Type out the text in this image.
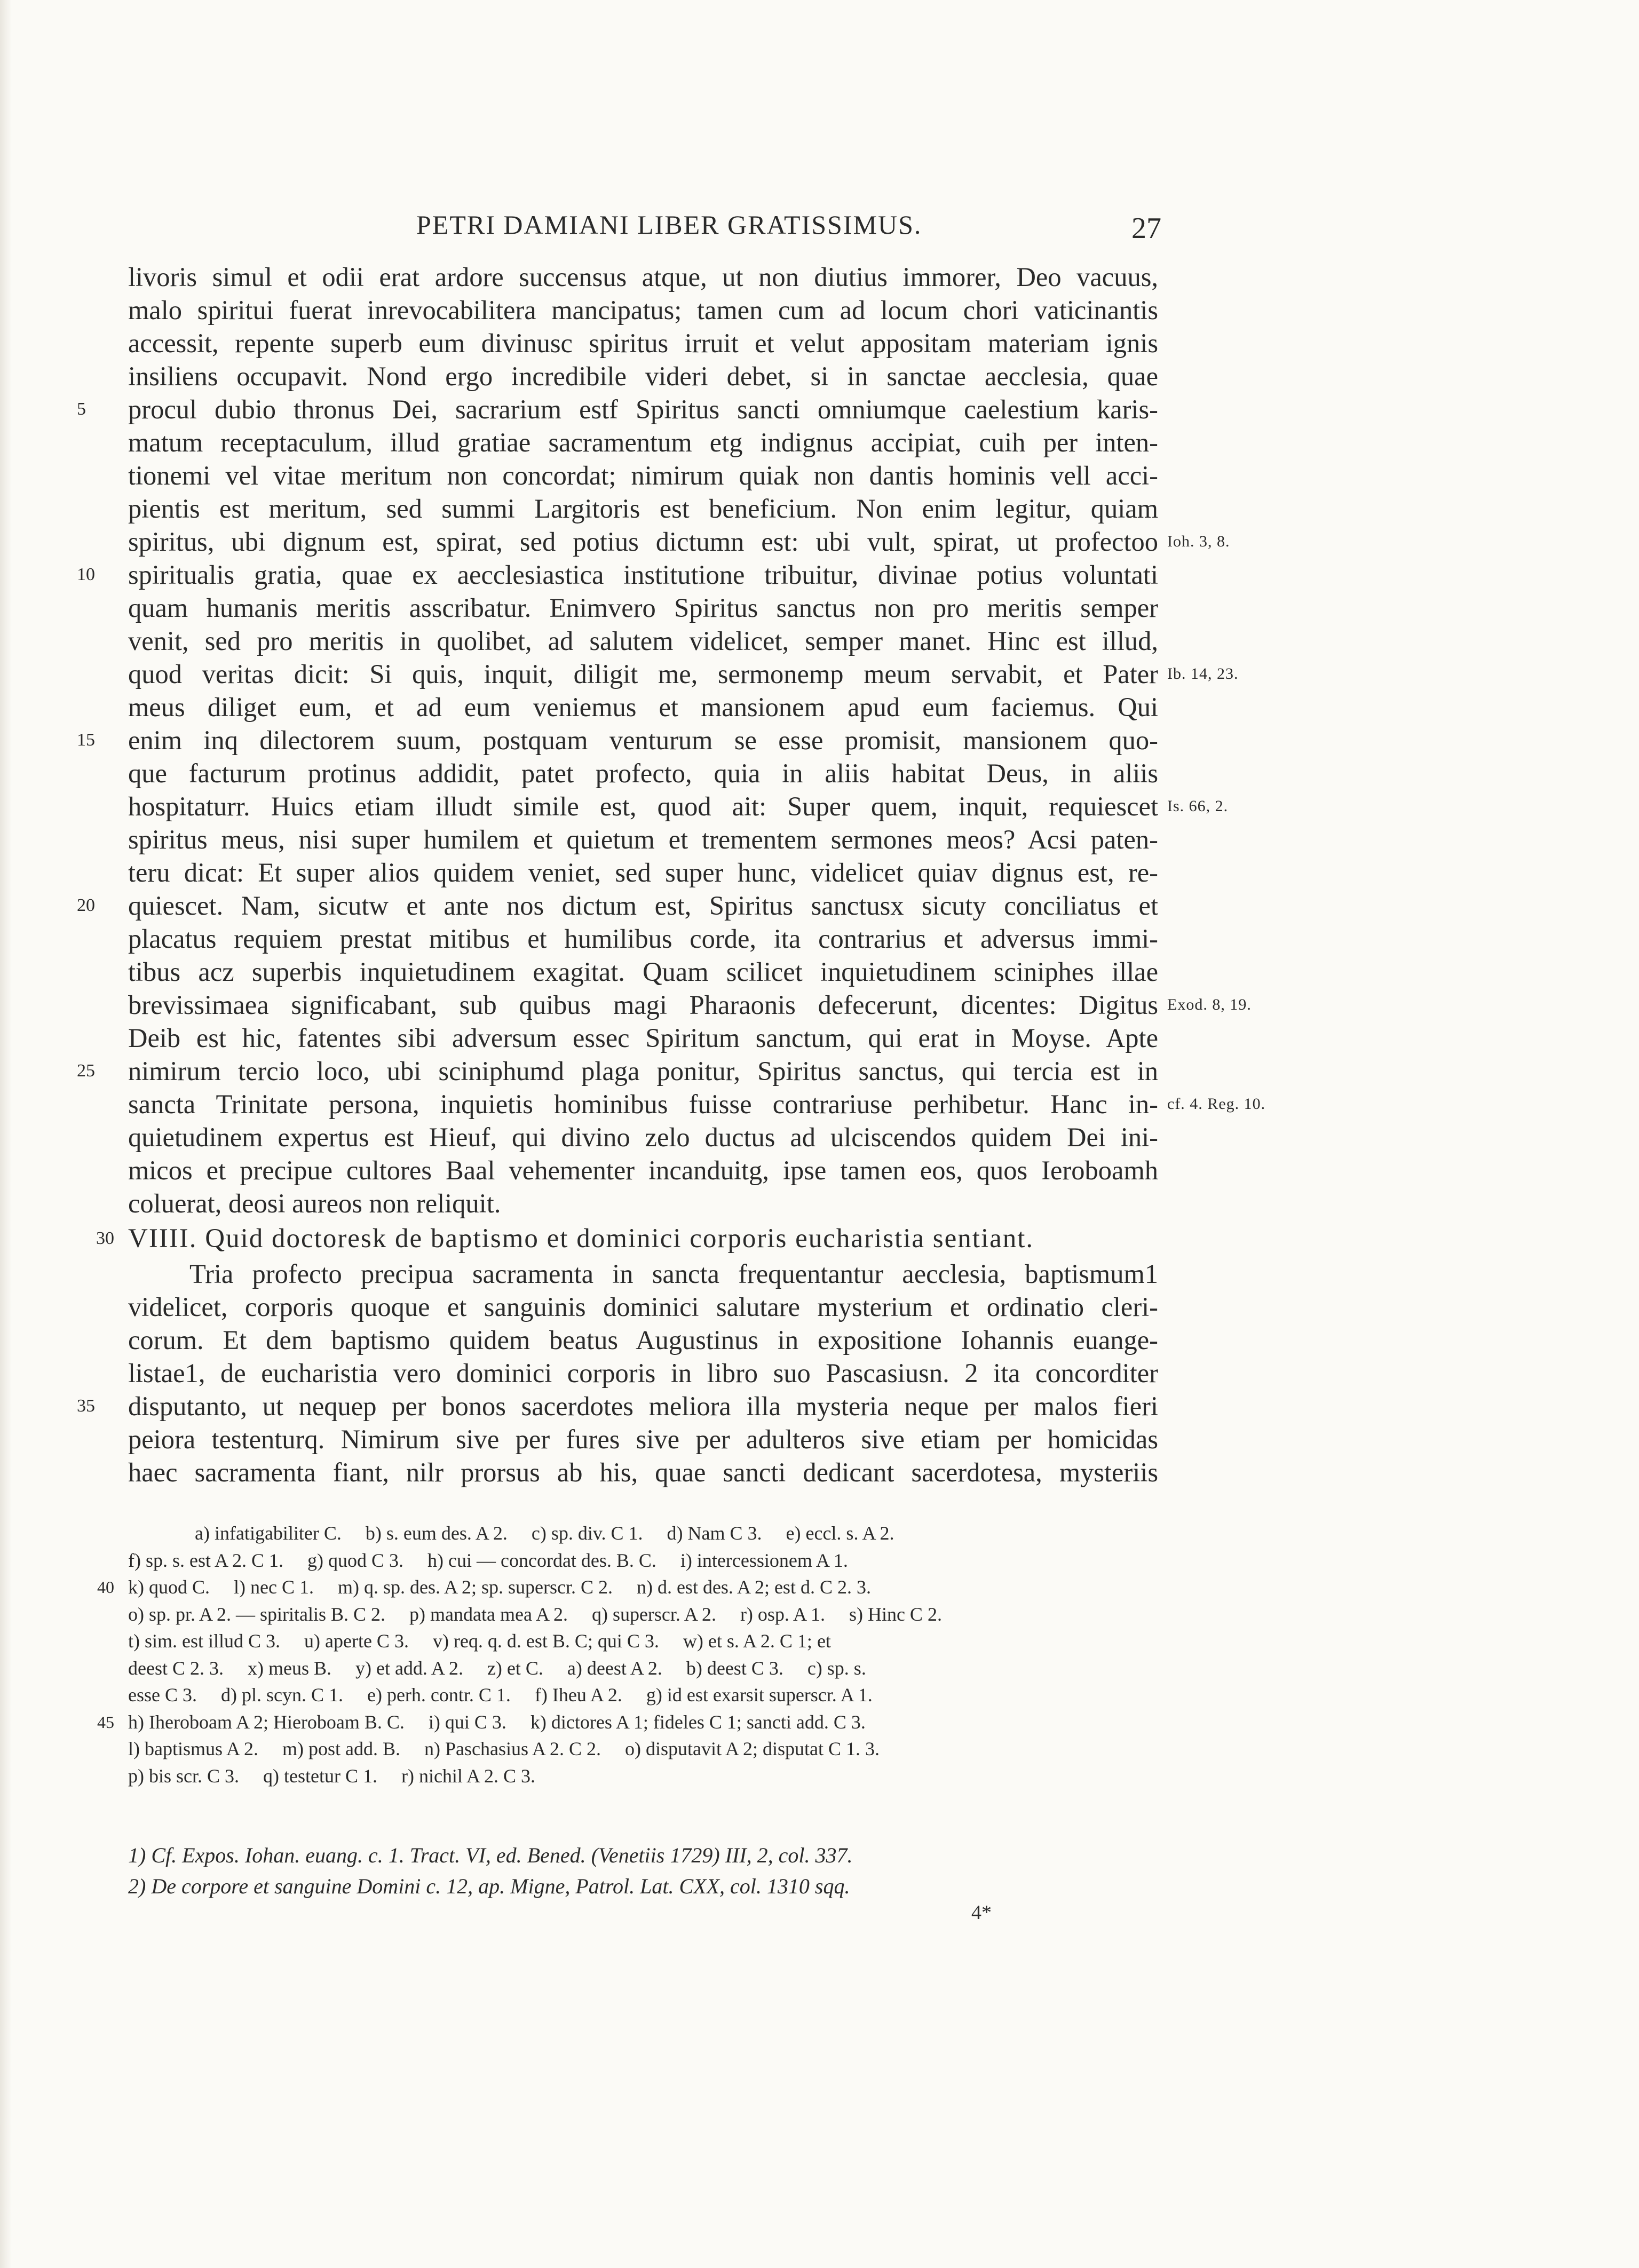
PETRI DAMIANI LIBER GRATISSIMUS.	27
livoris simul et odii erat ardore succensus atque, ut non diutius immorer, Deo vacuus,
malo spiritui fuerat inrevocabilitera mancipatus; tamen cum ad locum chori vaticinantis
accessit, repente superb eum divinusc spiritus irruit et velut appositam materiam ignis
insiliens occupavit. Nond ergo incredibile videri debet, si in sanctae aecclesia, quae
5	procul dubio thronus Dei, sacrarium estf Spiritus sancti omniumque caelestium karis-
matum receptaculum, illud gratiae sacramentum etg indignus accipiat, cuih per inten-
tionemi vel vitae meritum non concordat; nimirum quiak non dantis hominis vell acci-
pientis est meritum, sed summi Largitoris est beneficium. Non enim legitur, quiam
spiritus, ubi dignum est, spirat, sed potius dictumn est: ubi vult, spirat, ut profectoo Ioh. 3, 8.
10	spiritualis gratia, quae ex aecclesiastica institutione tribuitur, divinae potius voluntati
quam humanis meritis asscribatur. Enimvero Spiritus sanctus non pro meritis semper
venit, sed pro meritis in quolibet, ad salutem videlicet, semper manet. Hinc est illud,
quod veritas dicit: Si quis, inquit, diligit me, sermonemp meum servabit, et Pater Ib. 14, 23.
meus diliget eum, et ad eum veniemus et mansionem apud eum faciemus. Qui
15	enim inq dilectorem suum, postquam venturum se esse promisit, mansionem quo-
que facturum protinus addidit, patet profecto, quia in aliis habitat Deus, in aliis
hospitaturr. Huics etiam illudt simile est, quod ait: Super quem, inquit, requiescet Is. 66, 2.
spiritus meus, nisi super humilem et quietum et trementem sermones meos? Acsi paten-
teru dicat: Et super alios quidem veniet, sed super hunc, videlicet quiav dignus est, re-
20	quiescet. Nam, sicutw et ante nos dictum est, Spiritus sanctusx sicuty conciliatus et
placatus requiem prestat mitibus et humilibus corde, ita contrarius et adversus immi-
tibus acz superbis inquietudinem exagitat. Quam scilicet inquietudinem sciniphes illae
brevissimaea significabant, sub quibus magi Pharaonis defecerunt, dicentes: Digitus Exod. 8, 19.
Deib est hic, fatentes sibi adversum essec Spiritum sanctum, qui erat in Moyse. Apte
25	nimirum tercio loco, ubi sciniphumd plaga ponitur, Spiritus sanctus, qui tercia est in
sancta Trinitate persona, inquietis hominibus fuisse contrariuse perhibetur. Hanc in- cf. 4. Reg. 10.
quietudinem expertus est Hieuf, qui divino zelo ductus ad ulciscendos quidem Dei ini-
micos et precipue cultores Baal vehementer incanduitg, ipse tamen eos, quos Ieroboamh
coluerat, deosi aureos non reliquit.
30 VIIII. Quid doctoresk de baptismo et dominici corporis eucharistia sentiant.
Tria profecto precipua sacramenta in sancta frequentantur aecclesia, baptismum1
videlicet, corporis quoque et sanguinis dominici salutare mysterium et ordinatio cleri-
corum. Et dem baptismo quidem beatus Augustinus in expositione Iohannis euange-
listae1, de eucharistia vero dominici corporis in libro suo Pascasiusn. 2 ita concorditer
35	disputanto, ut nequep per bonos sacerdotes meliora illa mysteria neque per malos fieri
peiora testenturq. Nimirum sive per fures sive per adulteros sive etiam per homicidas
haec sacramenta fiant, nilr prorsus ab his, quae sancti dedicant sacerdotesa, mysteriis
a) infatigabiliter C.     b) s. eum des. A 2.     c) sp. div. C 1.     d) Nam C 3.     e) eccl. s. A 2.
f) sp. s. est A 2. C 1.     g) quod C 3.     h) cui — concordat des. B. C.     i) intercessionem A 1.
40 k) quod C.     l) nec C 1.     m) q. sp. des. A 2; sp. superscr. C 2.     n) d. est des. A 2; est d. C 2. 3.
o) sp. pr. A 2. — spiritalis B. C 2.     p) mandata mea A 2.     q) superscr. A 2.     r) osp. A 1.     s) Hinc C 2.
t) sim. est illud C 3.     u) aperte C 3.     v) req. q. d. est B. C; qui C 3.     w) et s. A 2. C 1; et
deest C 2. 3.     x) meus B.     y) et add. A 2.     z) et C.     a) deest A 2.     b) deest C 3.     c) sp. s.
esse C 3.     d) pl. scyn. C 1.     e) perh. contr. C 1.     f) Iheu A 2.     g) id est exarsit superscr. A 1.
45 h) Iheroboam A 2; Hieroboam B. C.     i) qui C 3.     k) dictores A 1; fideles C 1; sancti add. C 3.
l) baptismus A 2.     m) post add. B.     n) Paschasius A 2. C 2.     o) disputavit A 2; disputat C 1. 3.
p) bis scr. C 3.     q) testetur C 1.     r) nichil A 2. C 3.
1) Cf. Expos. Iohan. euang. c. 1. Tract. VI, ed. Bened. (Venetiis 1729) III, 2, col. 337.
2) De corpore et sanguine Domini c. 12, ap. Migne, Patrol. Lat. CXX, col. 1310 sqq.
4*
